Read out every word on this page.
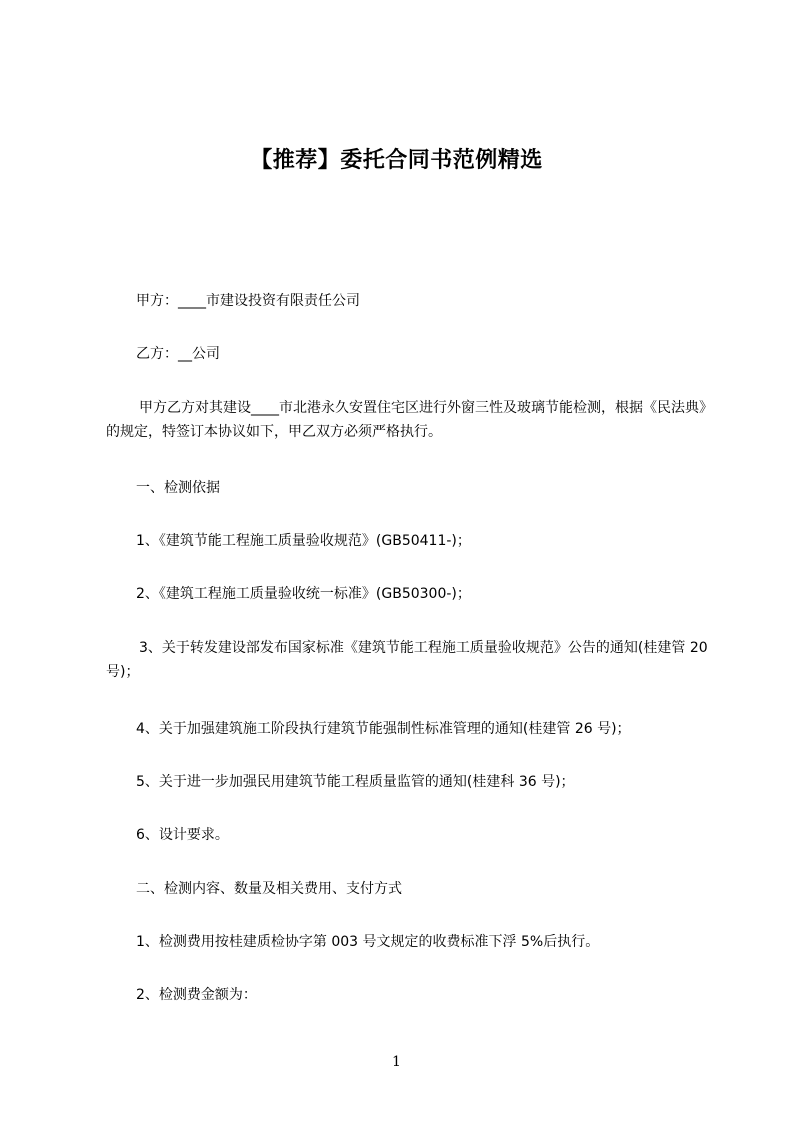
【推荐】委托合同书范例精选
甲方：____市建设投资有限责任公司
乙方：__公司
甲方乙方对其建设____市北港永久安置住宅区进行外窗三性及玻璃节能检测，根据《民法典》的规定，特签订本协议如下，甲乙双方必须严格执行。
一、检测依据
1、《建筑节能工程施工质量验收规范》(GB50411-)；
2、《建筑工程施工质量验收统一标准》(GB50300-)；
3、关于转发建设部发布国家标准《建筑节能工程施工质量验收规范》公告的通知(桂建管 20 号)；
4、关于加强建筑施工阶段执行建筑节能强制性标准管理的通知(桂建管 26 号)；
5、关于进一步加强民用建筑节能工程质量监管的通知(桂建科 36 号)；
6、设计要求。
二、检测内容、数量及相关费用、支付方式
1、检测费用按桂建质检协字第 003 号文规定的收费标准下浮 5%后执行。
2、检测费金额为：
1
